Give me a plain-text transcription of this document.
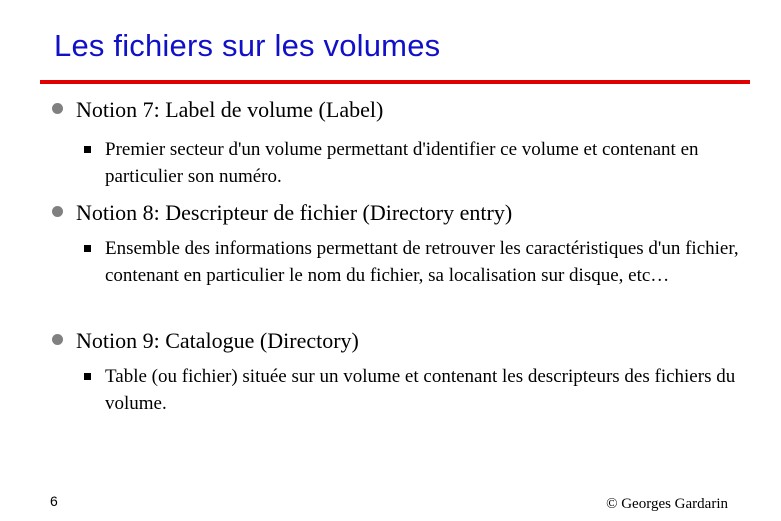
Les fichiers sur les volumes
Notion 7: Label de volume (Label)
Premier secteur d'un volume permettant d'identifier ce volume et contenant en particulier son numéro.
Notion 8: Descripteur de fichier (Directory entry)
Ensemble des informations permettant de retrouver les caractéristiques d'un fichier, contenant en particulier le nom du fichier, sa localisation sur disque, etc…
Notion 9: Catalogue (Directory)
Table (ou fichier) située sur un volume et contenant les descripteurs des fichiers du volume.
6	© Georges Gardarin
